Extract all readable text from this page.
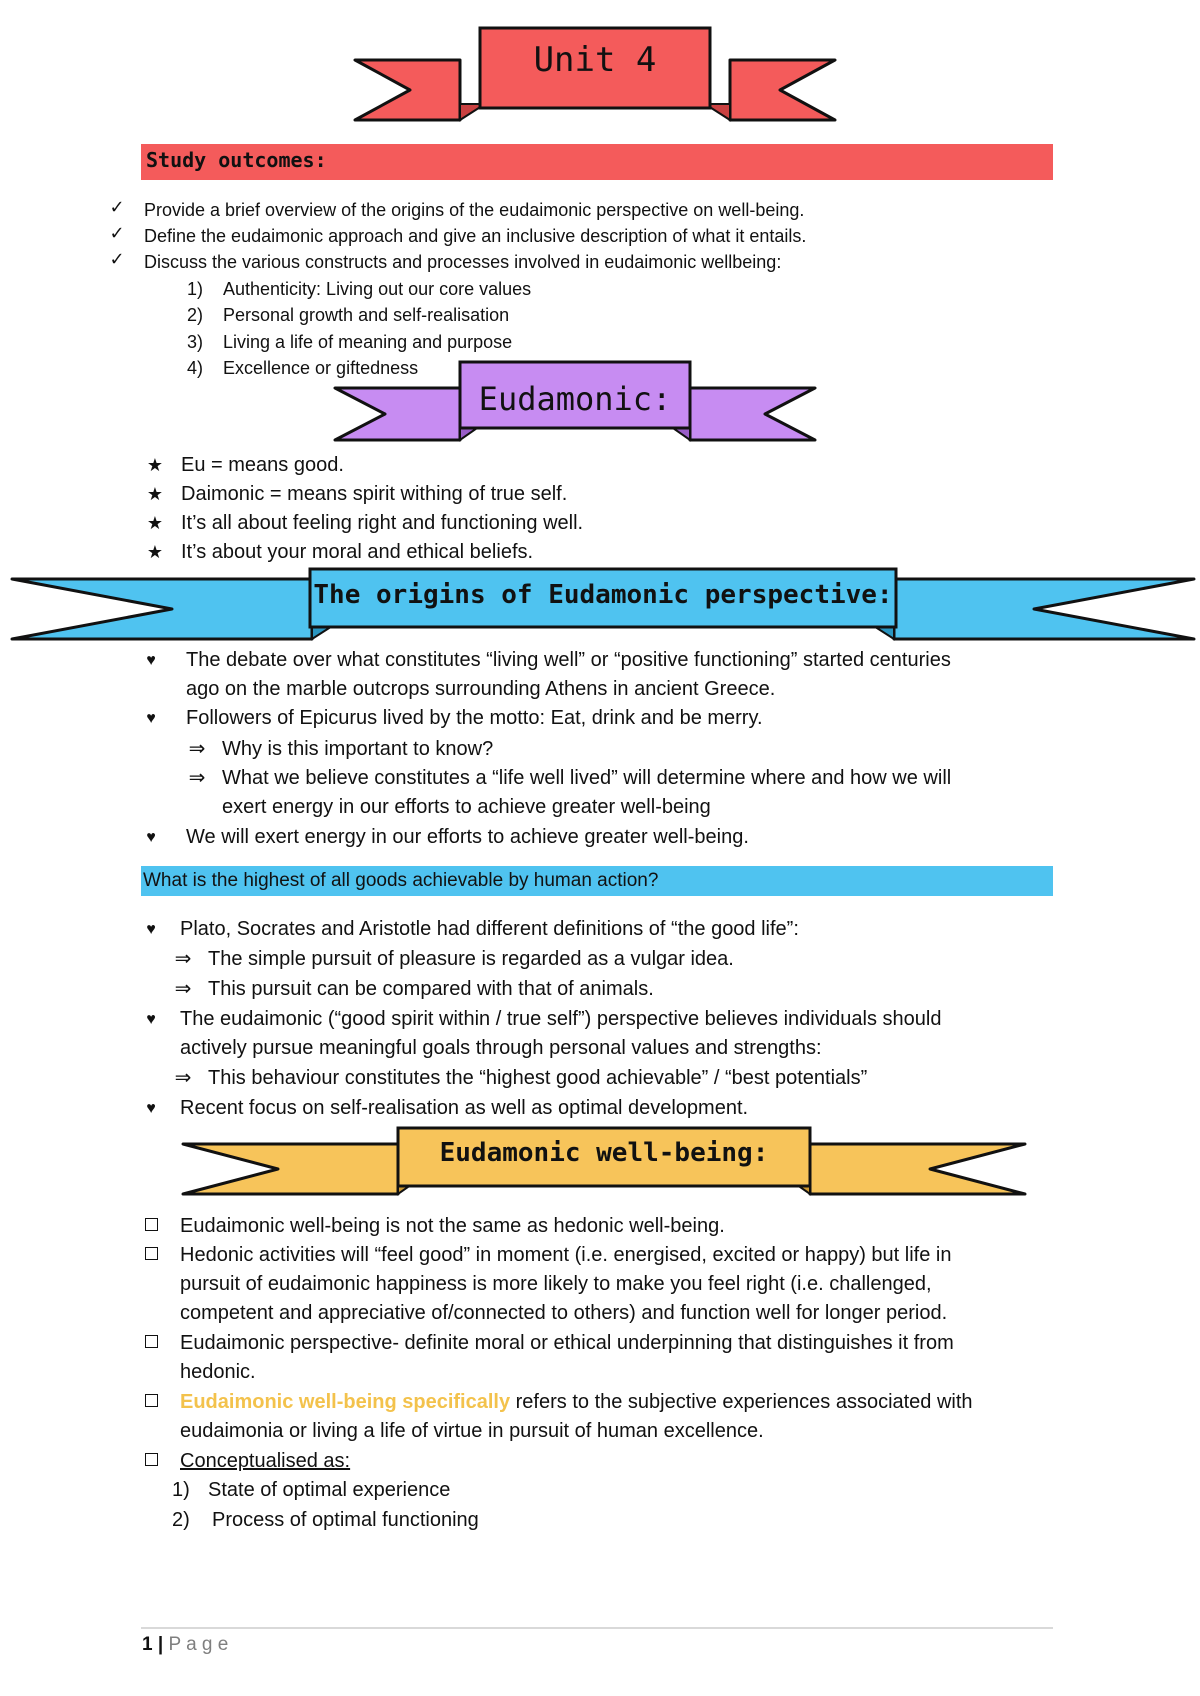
Unit 4
Study outcomes:
✓ Provide a brief overview of the origins of the eudaimonic perspective on well-being.
✓ Define the eudaimonic approach and give an inclusive description of what it entails.
✓ Discuss the various constructs and processes involved in eudaimonic wellbeing:
1) Authenticity: Living out our core values
2) Personal growth and self-realisation
3) Living a life of meaning and purpose
4) Excellence or giftedness
Eudamonic:
★ Eu = means good.
★ Daimonic = means spirit withing of true self.
★ It’s all about feeling right and functioning well.
★ It’s about your moral and ethical beliefs.
The origins of Eudamonic perspective:
♥	The debate over what constitutes “living well” or “positive functioning” started centuries
ago on the marble outcrops surrounding Athens in ancient Greece.
♥	Followers of Epicurus lived by the motto: Eat, drink and be merry.
⇒ Why is this important to know?
⇒ What we believe constitutes a “life well lived” will determine where and how we will
exert energy in our efforts to achieve greater well-being
♥	We will exert energy in our efforts to achieve greater well-being.
What is the highest of all goods achievable by human action?
♥	Plato, Socrates and Aristotle had different definitions of “the good life”:
⇒ The simple pursuit of pleasure is regarded as a vulgar idea.
⇒ This pursuit can be compared with that of animals.
♥	The eudaimonic (“good spirit within / true self”) perspective believes individuals should
actively pursue meaningful goals through personal values and strengths:
⇒ This behaviour constitutes the “highest good achievable” / “best potentials”
♥	Recent focus on self-realisation as well as optimal development.
Eudamonic well-being:
Eudaimonic well-being is not the same as hedonic well-being.
Hedonic activities will “feel good” in moment (i.e. energised, excited or happy) but life in
pursuit of eudaimonic happiness is more likely to make you feel right (i.e. challenged,
competent and appreciative of/connected to others) and function well for longer period.
Eudaimonic perspective- definite moral or ethical underpinning that distinguishes it from
hedonic.
Eudaimonic well-being specifically refers to the subjective experiences associated with
eudaimonia or living a life of virtue in pursuit of human excellence.
Conceptualised as:
1) State of optimal experience
2) Process of optimal functioning
1 | P a g e
